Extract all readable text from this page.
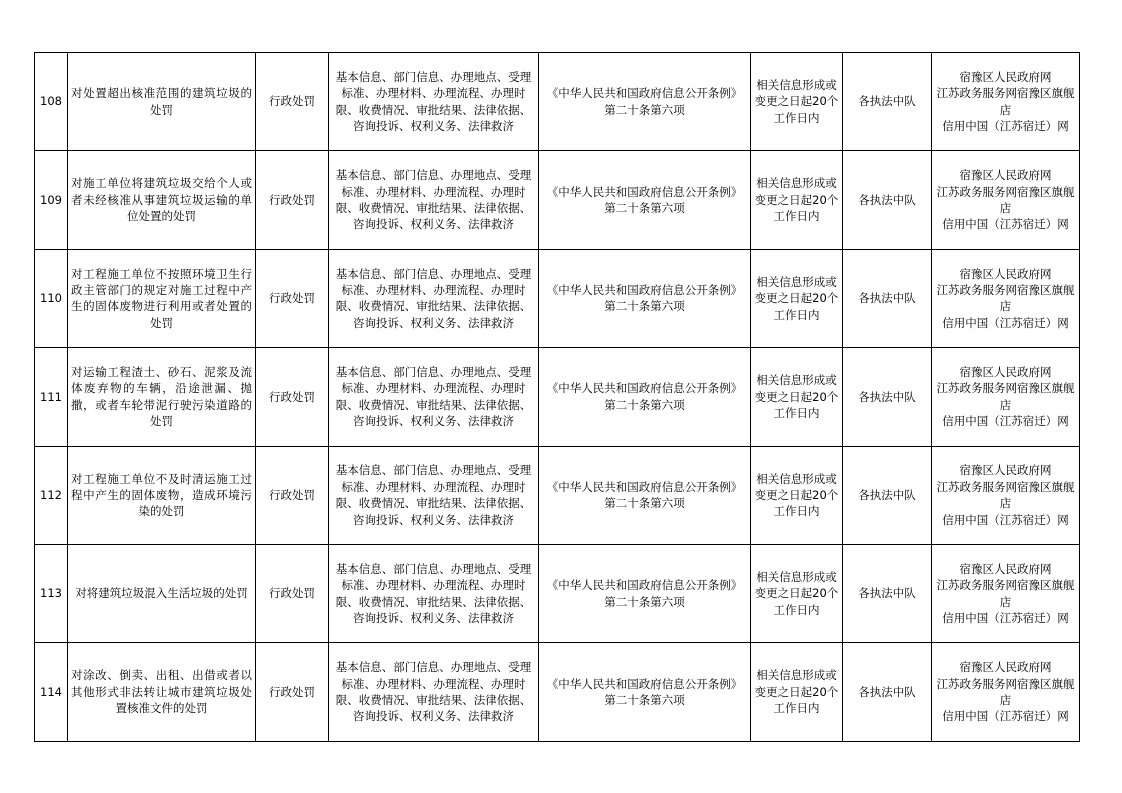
108	对处置超出核准范围的建筑垃圾的处罚	行政处罚	基本信息、部门信息、办理地点、受理标准、办理材料、办理流程、办理时限、收费情况、审批结果、法律依据、咨询投诉、权利义务、法律救济	《中华人民共和国政府信息公开条例》第二十条第六项	相关信息形成或变更之日起20个工作日内	各执法中队	宿豫区人民政府网
江苏政务服务网宿豫区旗舰店
信用中国（江苏宿迁）网
109	对施工单位将建筑垃圾交给个人或者未经核准从事建筑垃圾运输的单位处置的处罚	行政处罚	基本信息、部门信息、办理地点、受理标准、办理材料、办理流程、办理时限、收费情况、审批结果、法律依据、咨询投诉、权利义务、法律救济	《中华人民共和国政府信息公开条例》第二十条第六项	相关信息形成或变更之日起20个工作日内	各执法中队	宿豫区人民政府网
江苏政务服务网宿豫区旗舰店
信用中国（江苏宿迁）网
110	对工程施工单位不按照环境卫生行政主管部门的规定对施工过程中产生的固体废物进行利用或者处置的处罚	行政处罚	基本信息、部门信息、办理地点、受理标准、办理材料、办理流程、办理时限、收费情况、审批结果、法律依据、咨询投诉、权利义务、法律救济	《中华人民共和国政府信息公开条例》第二十条第六项	相关信息形成或变更之日起20个工作日内	各执法中队	宿豫区人民政府网
江苏政务服务网宿豫区旗舰店
信用中国（江苏宿迁）网
111	对运输工程渣土、砂石、泥浆及流体废弃物的车辆，沿途泄漏、抛撒，或者车轮带泥行驶污染道路的处罚	行政处罚	基本信息、部门信息、办理地点、受理标准、办理材料、办理流程、办理时限、收费情况、审批结果、法律依据、咨询投诉、权利义务、法律救济	《中华人民共和国政府信息公开条例》第二十条第六项	相关信息形成或变更之日起20个工作日内	各执法中队	宿豫区人民政府网
江苏政务服务网宿豫区旗舰店
信用中国（江苏宿迁）网
112	对工程施工单位不及时清运施工过程中产生的固体废物，造成环境污染的处罚	行政处罚	基本信息、部门信息、办理地点、受理标准、办理材料、办理流程、办理时限、收费情况、审批结果、法律依据、咨询投诉、权利义务、法律救济	《中华人民共和国政府信息公开条例》第二十条第六项	相关信息形成或变更之日起20个工作日内	各执法中队	宿豫区人民政府网
江苏政务服务网宿豫区旗舰店
信用中国（江苏宿迁）网
113	对将建筑垃圾混入生活垃圾的处罚	行政处罚	基本信息、部门信息、办理地点、受理标准、办理材料、办理流程、办理时限、收费情况、审批结果、法律依据、咨询投诉、权利义务、法律救济	《中华人民共和国政府信息公开条例》第二十条第六项	相关信息形成或变更之日起20个工作日内	各执法中队	宿豫区人民政府网
江苏政务服务网宿豫区旗舰店
信用中国（江苏宿迁）网
114	对涂改、倒卖、出租、出借或者以其他形式非法转让城市建筑垃圾处置核准文件的处罚	行政处罚	基本信息、部门信息、办理地点、受理标准、办理材料、办理流程、办理时限、收费情况、审批结果、法律依据、咨询投诉、权利义务、法律救济	《中华人民共和国政府信息公开条例》第二十条第六项	相关信息形成或变更之日起20个工作日内	各执法中队	宿豫区人民政府网
江苏政务服务网宿豫区旗舰店
信用中国（江苏宿迁）网
